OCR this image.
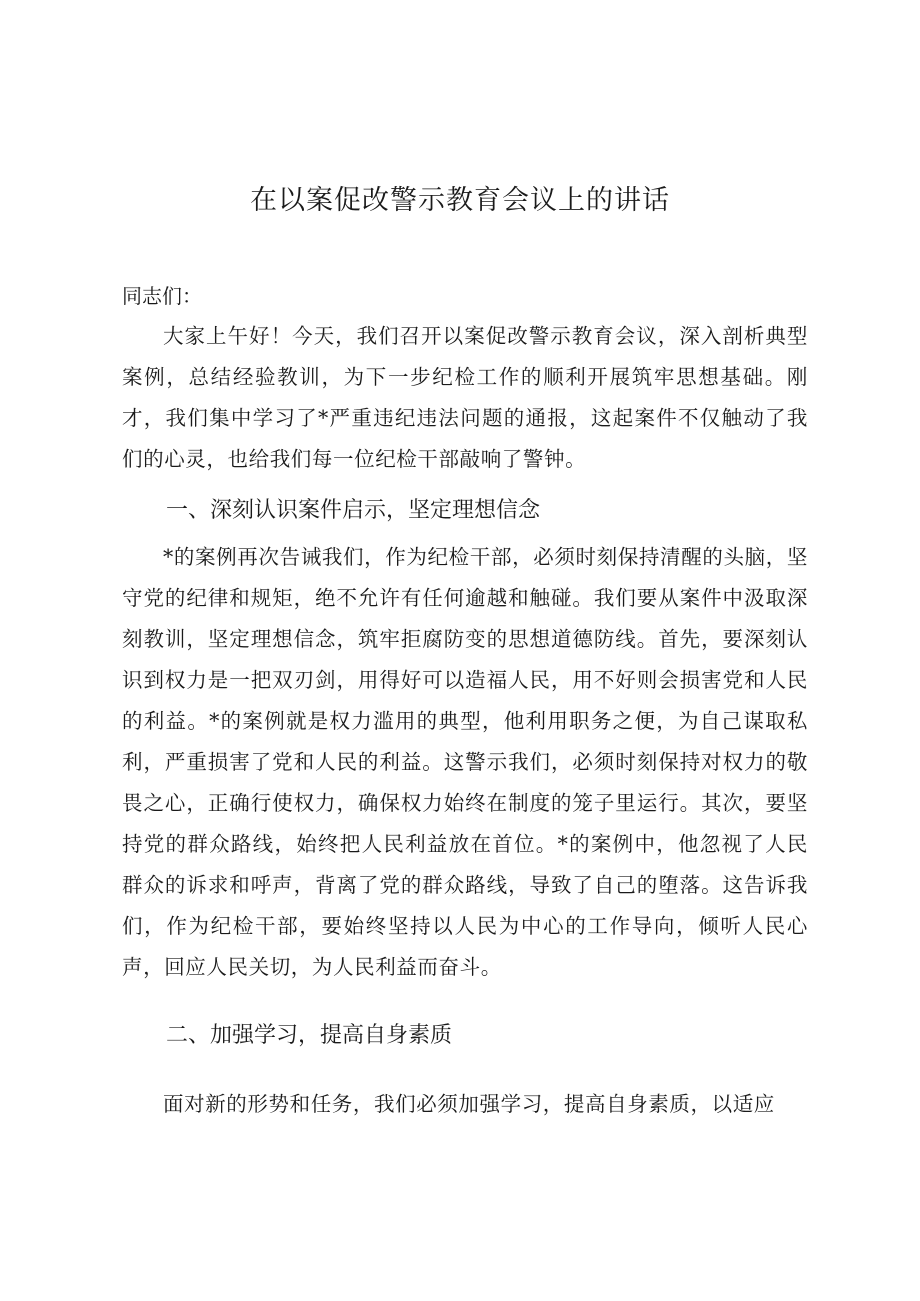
在以案促改警示教育会议上的讲话
同志们：

大家上午好！今天，我们召开以案促改警示教育会议，深入剖析典型案例，总结经验教训，为下一步纪检工作的顺利开展筑牢思想基础。刚才，我们集中学习了*严重违纪违法问题的通报，这起案件不仅触动了我们的心灵，也给我们每一位纪检干部敲响了警钟。

一、深刻认识案件启示，坚定理想信念

*的案例再次告诫我们，作为纪检干部，必须时刻保持清醒的头脑，坚守党的纪律和规矩，绝不允许有任何逾越和触碰。我们要从案件中汲取深刻教训，坚定理想信念，筑牢拒腐防变的思想道德防线。首先，要深刻认识到权力是一把双刃剑，用得好可以造福人民，用不好则会损害党和人民的利益。*的案例就是权力滥用的典型，他利用职务之便，为自己谋取私利，严重损害了党和人民的利益。这警示我们，必须时刻保持对权力的敬畏之心，正确行使权力，确保权力始终在制度的笼子里运行。其次，要坚持党的群众路线，始终把人民利益放在首位。*的案例中，他忽视了人民群众的诉求和呼声，背离了党的群众路线，导致了自己的堕落。这告诉我们，作为纪检干部，要始终坚持以人民为中心的工作导向，倾听人民心声，回应人民关切，为人民利益而奋斗。

二、加强学习，提高自身素质

面对新的形势和任务，我们必须加强学习，提高自身素质，以适应
